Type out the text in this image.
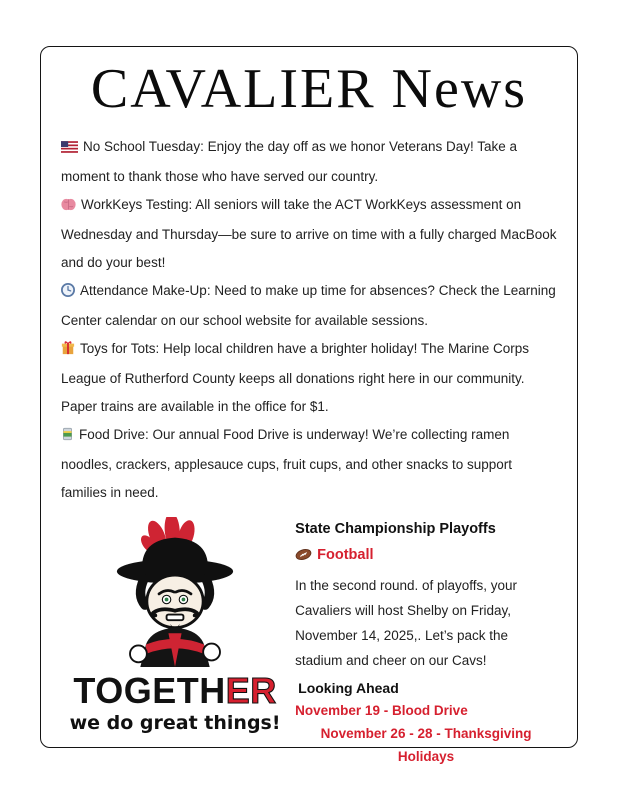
CAVALIER News

No School Tuesday: Enjoy the day off as we honor Veterans Day! Take a moment to thank those who have served our country.

WorkKeys Testing: All seniors will take the ACT WorkKeys assessment on Wednesday and Thursday—be sure to arrive on time with a fully charged MacBook and do your best!

Attendance Make-Up: Need to make up time for absences? Check the Learning Center calendar on our school website for available sessions.

Toys for Tots: Help local children have a brighter holiday! The Marine Corps League of Rutherford County keeps all donations right here in our community. Paper trains are available in the office for $1.

Food Drive: Our annual Food Drive is underway! We’re collecting ramen noodles, crackers, applesauce cups, fruit cups, and other snacks to support families in need.

TOGETHER
we do great things!
State Championship Playoffs
Football

In the second round. of playoffs, your Cavaliers will host Shelby on Friday, November 14, 2025,. Let’s pack the stadium and cheer on our Cavs!

Looking Ahead

November 19 - Blood Drive

November 26 - 28 - Thanksgiving Holidays
